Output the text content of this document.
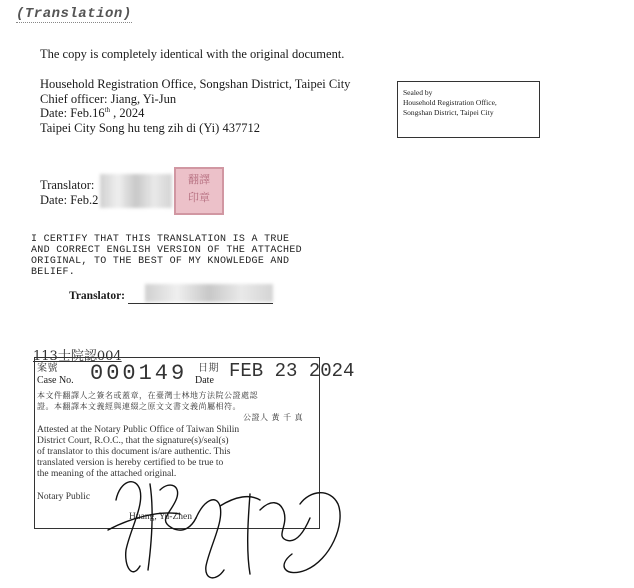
(Translation)
The copy is completely identical with the original document.
Household Registration Office, Songshan District, Taipei City
Chief officer: Jiang, Yi-Jun
Date: Feb.16th , 2024
Taipei City Song hu teng zih di (Yi) 437712
Sealed by
Household Registration Office,
Songshan District, Taipei City
Translator:
Date: Feb.2
翻譯
印章
I CERTIFY THAT THIS TRANSLATION IS A TRUE
AND CORRECT ENGLISH VERSION OF THE ATTACHED
ORIGINAL, TO THE BEST OF MY KNOWLEDGE AND
BELIEF.
Translator:
113士院認004
案號
Case No. 000149 日期
Date FEB 23 2024
本文件翻譯人之簽名或蓋章，在臺灣士林地方法院公證處認
證。本翻譯本文義經與連綴之原文文書文義尚屬相符。
公證人 黃 千 真
Attested at the Notary Public Office of Taiwan Shilin
District Court, R.O.C., that the signature(s)/seal(s)
of translator to this document is/are authentic. This
translated version is hereby certified to be true to
the meaning of the attached original.
Notary Public
Huang, Yu-Zhen
